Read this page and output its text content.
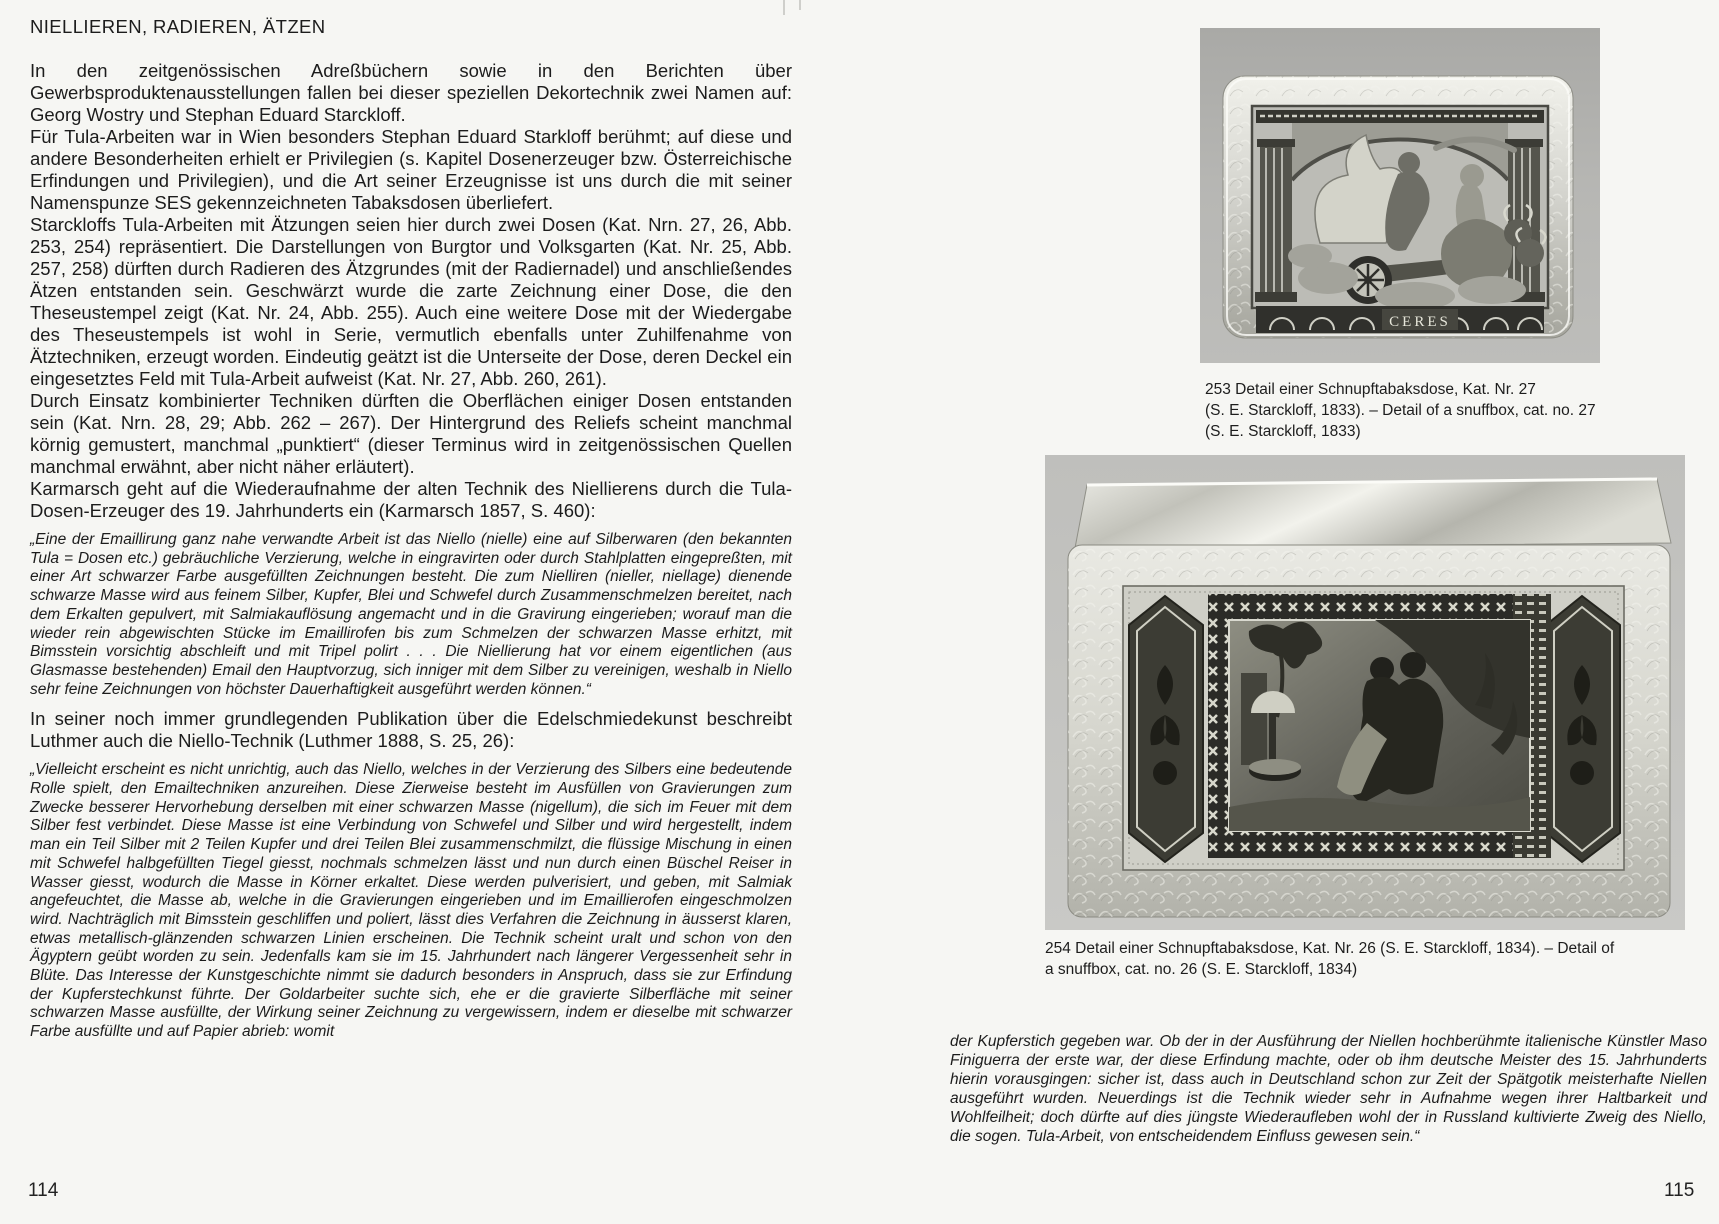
NIELLIEREN, RADIEREN, ÄTZEN

In den zeitgenössischen Adreßbüchern sowie in den Berichten über Gewerbsproduktenausstellungen fallen bei dieser speziellen Dekortechnik zwei Namen auf: Georg Wostry und Stephan Eduard Starckloff.

Für Tula-Arbeiten war in Wien besonders Stephan Eduard Starkloff berühmt; auf diese und andere Besonderheiten erhielt er Privilegien (s. Kapitel Dosenerzeuger bzw. Österreichische Erfindungen und Privilegien), und die Art seiner Erzeugnisse ist uns durch die mit seiner Namenspunze SES gekennzeichneten Tabaksdosen überliefert.

Starckloffs Tula-Arbeiten mit Ätzungen seien hier durch zwei Dosen (Kat. Nrn. 27, 26, Abb. 253, 254) repräsentiert. Die Darstellungen von Burgtor und Volksgarten (Kat. Nr. 25, Abb. 257, 258) dürften durch Radieren des Ätzgrundes (mit der Radiernadel) und anschließendes Ätzen entstanden sein. Geschwärzt wurde die zarte Zeichnung einer Dose, die den Theseustempel zeigt (Kat. Nr. 24, Abb. 255). Auch eine weitere Dose mit der Wiedergabe des Theseustempels ist wohl in Serie, vermutlich ebenfalls unter Zuhilfenahme von Ätztechniken, erzeugt worden. Eindeutig geätzt ist die Unterseite der Dose, deren Deckel ein eingesetztes Feld mit Tula-Arbeit aufweist (Kat. Nr. 27, Abb. 260, 261).

Durch Einsatz kombinierter Techniken dürften die Oberflächen einiger Dosen entstanden sein (Kat. Nrn. 28, 29; Abb. 262 – 267). Der Hintergrund des Reliefs scheint manchmal körnig gemustert, manchmal „punktiert“ (dieser Terminus wird in zeitgenössischen Quellen manchmal erwähnt, aber nicht näher erläutert).

Karmarsch geht auf die Wiederaufnahme der alten Technik des Niellierens durch die Tula-Dosen-Erzeuger des 19. Jahrhunderts ein (Karmarsch 1857, S. 460):

„Eine der Emaillirung ganz nahe verwandte Arbeit ist das Niello (nielle) eine auf Silberwaren (den bekannten Tula = Dosen etc.) gebräuchliche Verzierung, welche in eingravirten oder durch Stahlplatten eingepreßten, mit einer Art schwarzer Farbe ausgefüllten Zeichnungen besteht. Die zum Nielliren (nieller, niellage) dienende schwarze Masse wird aus feinem Silber, Kupfer, Blei und Schwefel durch Zusammenschmelzen bereitet, nach dem Erkalten gepulvert, mit Salmiakauflösung angemacht und in die Gravirung eingerieben; worauf man die wieder rein abgewischten Stücke im Emaillirofen bis zum Schmelzen der schwarzen Masse erhitzt, mit Bimsstein vorsichtig abschleift und mit Tripel polirt . . . Die Niellierung hat vor einem eigentlichen (aus Glasmasse bestehenden) Email den Hauptvorzug, sich inniger mit dem Silber zu vereinigen, weshalb in Niello sehr feine Zeichnungen von höchster Dauerhaftigkeit ausgeführt werden können.“

In seiner noch immer grundlegenden Publikation über die Edelschmiedekunst beschreibt Luthmer auch die Niello-Technik (Luthmer 1888, S. 25, 26):

„Vielleicht erscheint es nicht unrichtig, auch das Niello, welches in der Verzierung des Silbers eine bedeutende Rolle spielt, den Emailtechniken anzureihen. Diese Zierweise besteht im Ausfüllen von Gravierungen zum Zwecke besserer Hervorhebung derselben mit einer schwarzen Masse (nigellum), die sich im Feuer mit dem Silber fest verbindet. Diese Masse ist eine Verbindung von Schwefel und Silber und wird hergestellt, indem man ein Teil Silber mit 2 Teilen Kupfer und drei Teilen Blei zusammenschmilzt, die flüssige Mischung in einen mit Schwefel halbgefüllten Tiegel giesst, nochmals schmelzen lässt und nun durch einen Büschel Reiser in Wasser giesst, wodurch die Masse in Körner erkaltet. Diese werden pulverisiert, und geben, mit Salmiak angefeuchtet, die Masse ab, welche in die Gravierungen eingerieben und im Emaillierofen eingeschmolzen wird. Nachträglich mit Bimsstein geschliffen und poliert, lässt dies Verfahren die Zeichnung in äusserst klaren, etwas metallisch-glänzenden schwarzen Linien erscheinen. Die Technik scheint uralt und schon von den Ägyptern geübt worden zu sein. Jedenfalls kam sie im 15. Jahrhundert nach längerer Vergessenheit sehr in Blüte. Das Interesse der Kunstgeschichte nimmt sie dadurch besonders in Anspruch, dass sie zur Erfindung der Kupferstechkunst führte. Der Goldarbeiter suchte sich, ehe er die gravierte Silberfläche mit seiner schwarzen Masse ausfüllte, der Wirkung seiner Zeichnung zu vergewissern, indem er dieselbe mit schwarzer Farbe ausfüllte und auf Papier abrieb: womit

114	115
CERES
253 Detail einer Schnupftabaksdose, Kat. Nr. 27
(S. E. Starckloff, 1833). – Detail of a snuffbox, cat. no. 27
(S. E. Starckloff, 1833)
254 Detail einer Schnupftabaksdose, Kat. Nr. 26 (S. E. Starckloff, 1834). – Detail of
a snuffbox, cat. no. 26 (S. E. Starckloff, 1834)

der Kupferstich gegeben war. Ob der in der Ausführung der Niellen hochberühmte italienische Künstler Maso Finiguerra der erste war, der diese Erfindung machte, oder ob ihm deutsche Meister des 15. Jahrhunderts hierin vorausgingen: sicher ist, dass auch in Deutschland schon zur Zeit der Spätgotik meisterhafte Niellen ausgeführt wurden. Neuerdings ist die Technik wieder sehr in Aufnahme wegen ihrer Haltbarkeit und Wohlfeilheit; doch dürfte auf dies jüngste Wiederaufleben wohl der in Russland kultivierte Zweig des Niello, die sogen. Tula-Arbeit, von entscheidendem Einfluss gewesen sein.“
